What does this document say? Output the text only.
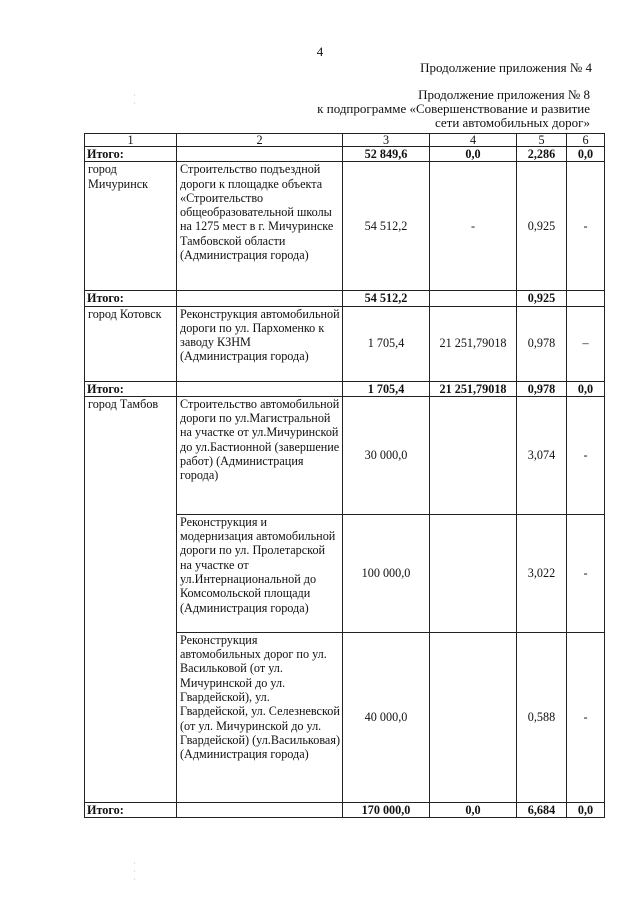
4
Продолжение приложения № 4
Продолжение приложения № 8
к подпрограмме «Совершенствование и развитие
сети автомобильных дорог»
·
·
·
·
·
1	2	3	4	5	6
Итого:		52 849,6	0,0	2,286	0,0
город Мичуринск	Строительство подъездной дороги к площадке объекта «Строительство общеобразовательной школы на 1275 мест в г. Мичуринске Тамбовской области (Администрация города)	54 512,2	-	0,925	-
Итого:		54 512,2		0,925	
город Котовск	Реконструкция автомобильной дороги по ул. Пархоменко к заводу КЗНМ (Администрация города)	1 705,4	21 251,79018	0,978	–
Итого:		1 705,4	21 251,79018	0,978	0,0
город Тамбов	Строительство автомобильной дороги по ул.Магистральной на участке от ул.Мичуринской до ул.Бастионной (завершение работ) (Администрация города)	30 000,0		3,074	-
	Реконструкция и модернизация автомобильной дороги по ул. Пролетарской на участке от ул.Интернациональной до Комсомольской площади (Администрация города)	100 000,0		3,022	-
	Реконструкция автомобильных дорог по ул. Васильковой (от ул. Мичуринской до ул. Гвардейской), ул. Гвардейской, ул. Селезневской (от ул. Мичуринской до ул. Гвардейской) (ул.Васильковая) (Администрация города)	40 000,0		0,588	-
Итого:		170 000,0	0,0	6,684	0,0
